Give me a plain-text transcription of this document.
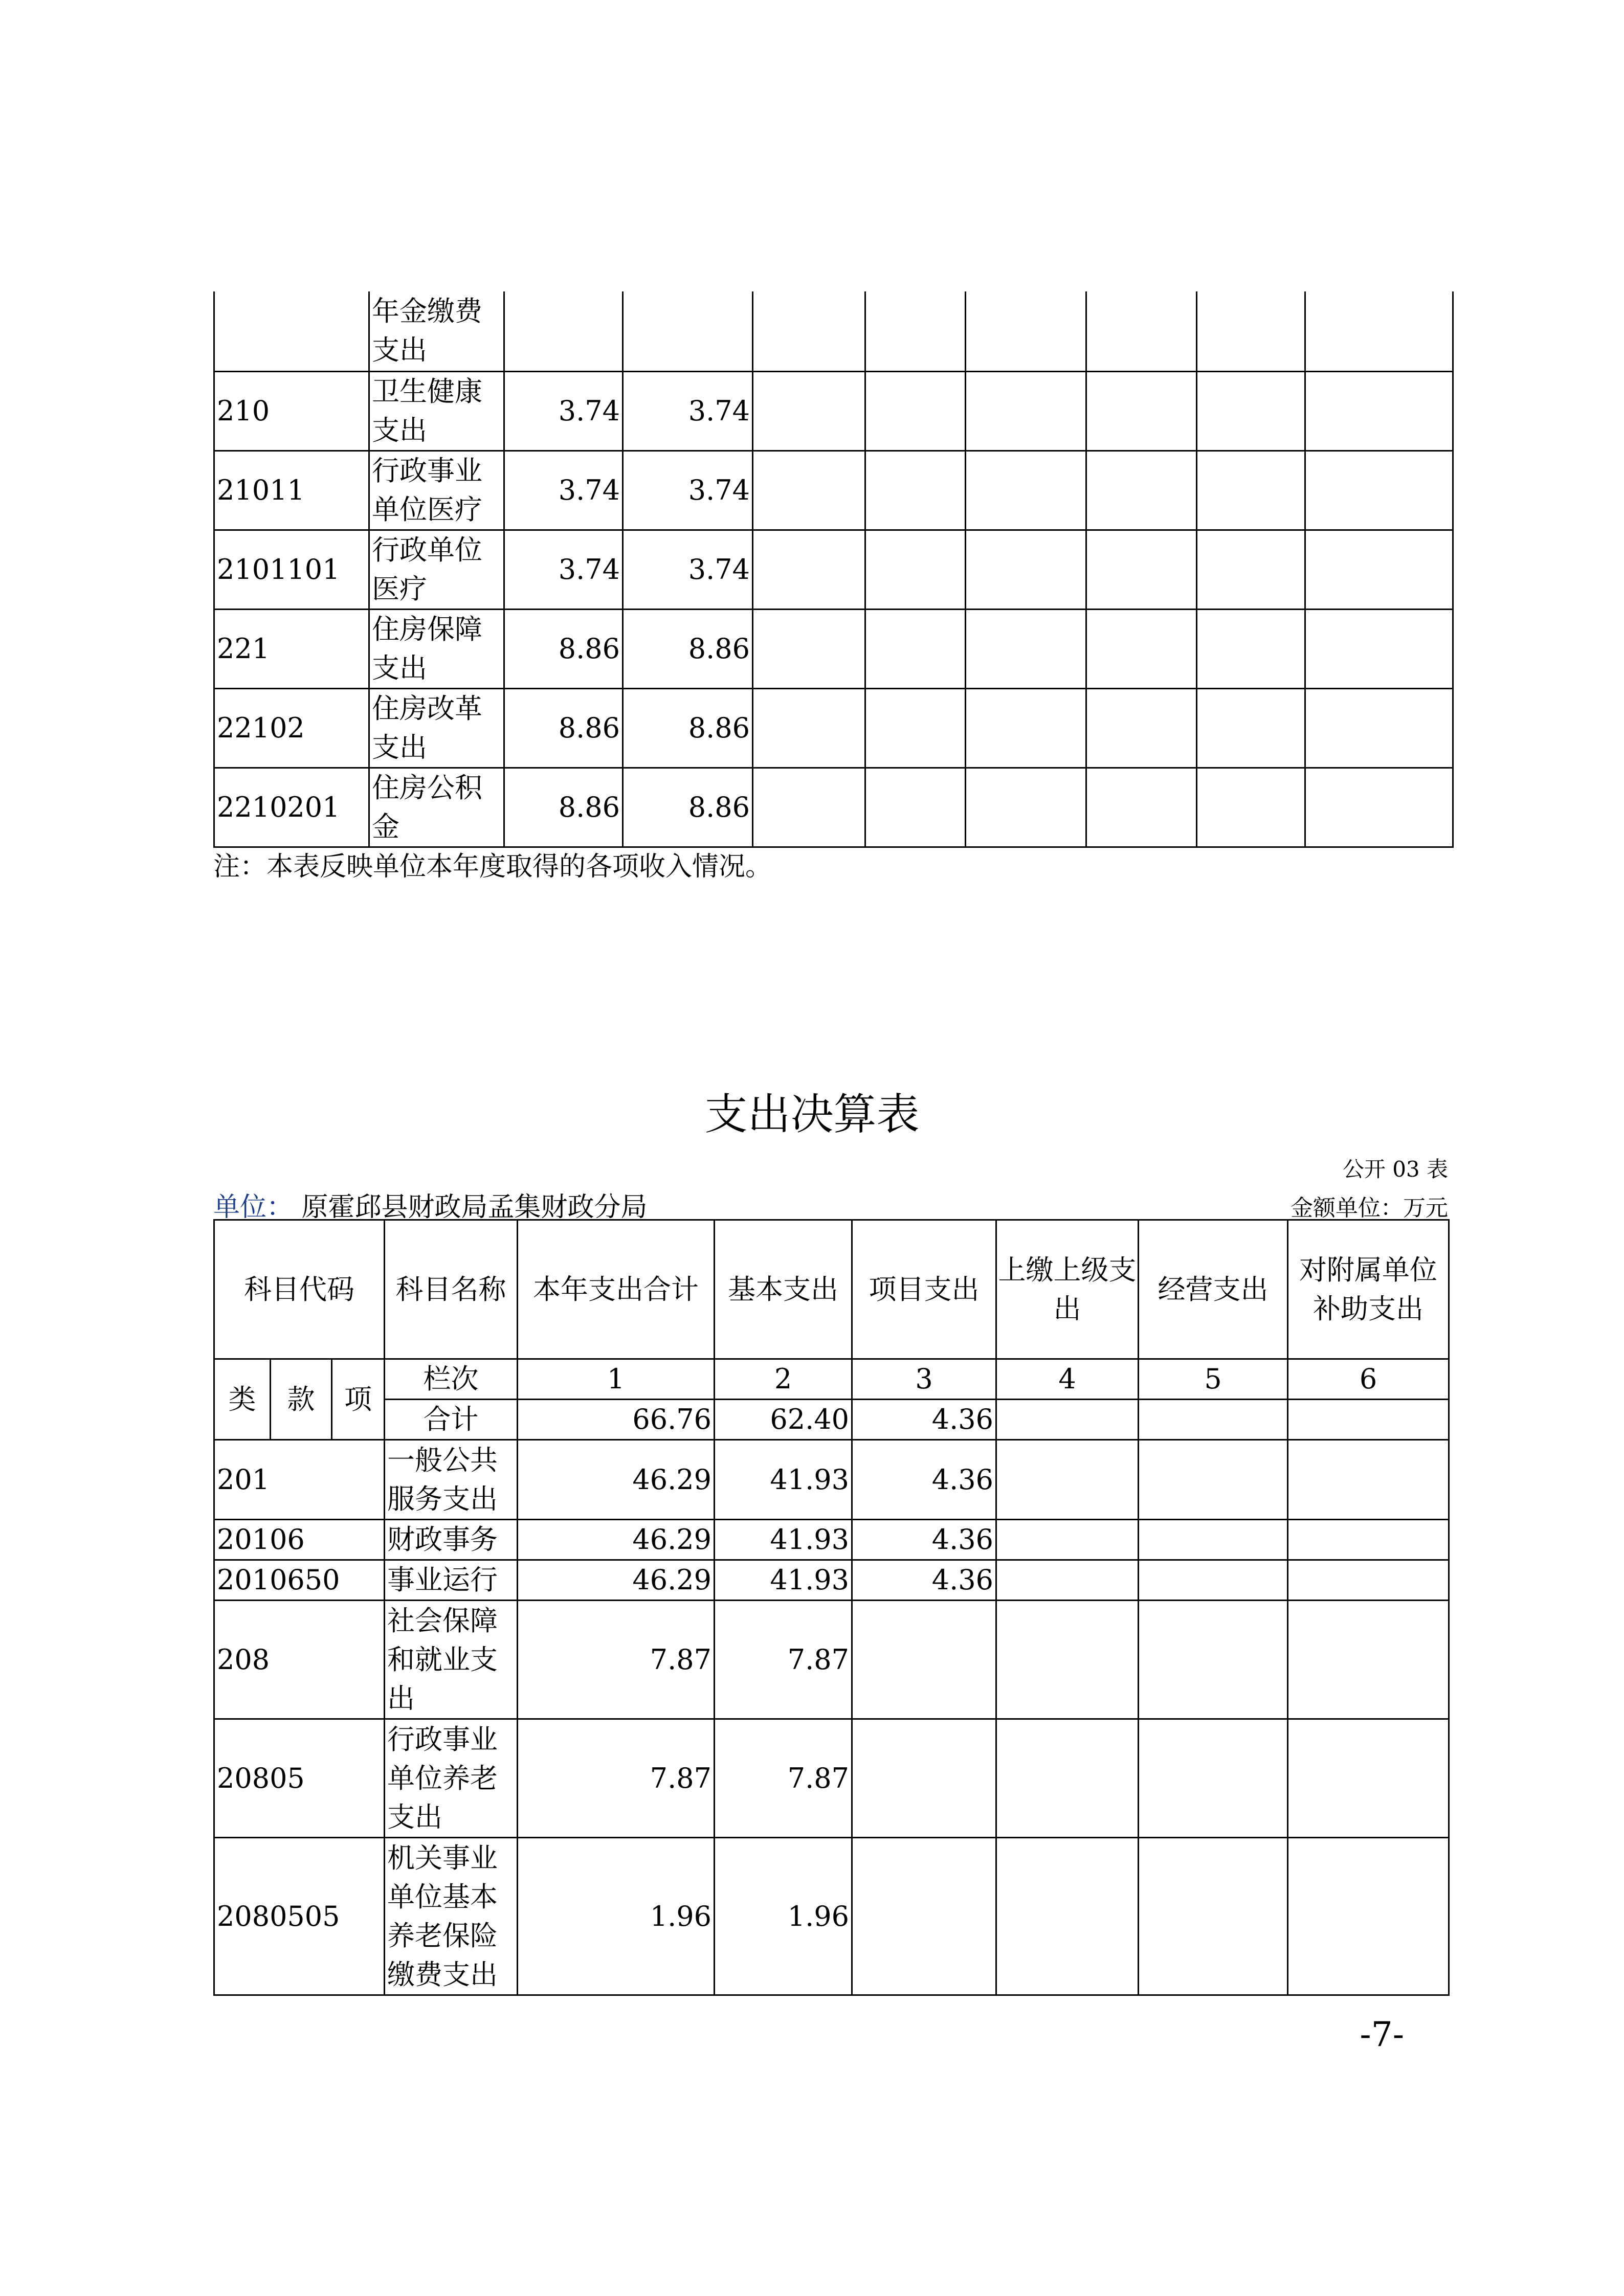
	年金缴费支出								
210	卫生健康支出	3.74	3.74						
21011	行政事业单位医疗	3.74	3.74						
2101101	行政单位医疗	3.74	3.74						
221	住房保障支出	8.86	8.86						
22102	住房改革支出	8.86	8.86						
2210201	住房公积金	8.86	8.86						
注：本表反映单位本年度取得的各项收入情况。
支出决算表
公开 03 表
单位： 原霍邱县财政局孟集财政分局	金额单位：万元
科目代码			科目名称	本年支出合计	基本支出	项目支出	上缴上级支出	经营支出	对附属单位补助支出
类	款	项	栏次	1	2	3	4	5	6
			合计	66.76	62.40	4.36			
201			一般公共服务支出	46.29	41.93	4.36			
20106			财政事务	46.29	41.93	4.36			
2010650			事业运行	46.29	41.93	4.36			
208			社会保障和就业支出	7.87	7.87				
20805			行政事业单位养老支出	7.87	7.87				
2080505			机关事业单位基本养老保险缴费支出	1.96	1.96				
-7-
